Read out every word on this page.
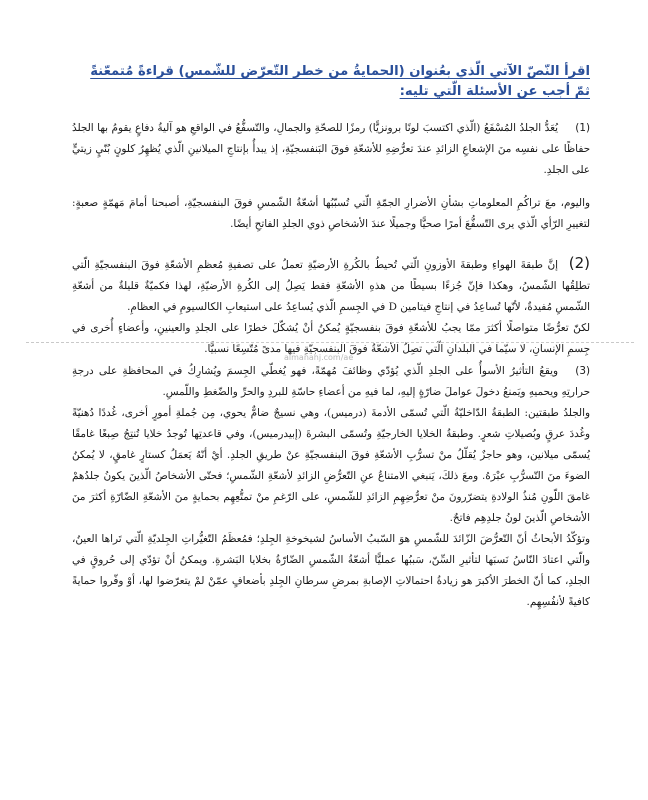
اقرأ النّصّ الآتي الّذي بعُنوان (الحمايةُ من خطر التّعرّض للشّمس) قراءةً مُتمعّنةً ثمّ أجب عن الأسئلة الّتي تليه:

(1)يُعَدُّ الجلدُ المُسْفَعُ (الّذي اكتسبَ لونًا برونزيًّا) رمزًا للصحّةِ والجمالِ، والتّسفُّعُ في الواقعِ هو آليةُ دفاعٍ يقومُ بها الجلدُ حفاظًا على نفسِه منَ الإشعاعِ الزائدِ عندَ تعرُّضِهِ للأشعّةِ فوقَ البَنفسجيّةِ، إذ يبدأُ بإنتاجِ الميلانينِ الّذي يُظهِرُ كلونٍ بُنّيٍ زيتيٍّ على الجلدِ.

واليوم، معَ تراكُمِ المعلوماتِ بشأنِ الأضرارِ الجمّةِ الّتي تُسبّبُها أشعّةُ الشّمسِ فوقَ البنفسجيّةِ، أصبحنا أمامَ مَهمّةٍ صعبةٍ: لتغييرِ الرّأي الّذي يرى التّسفُّعَ أمرًا صحيًّا وجميلًا عندَ الأشخاصِ ذوي الجلدِ الفاتحِ أيضًا.

(2)إنَّ طبقةَ الهواءِ وطبقةَ الأوزونِ الّتي تُحيطُ بالكُرةِ الأرضيّةِ تعملُ على تصفيةِ مُعظمِ الأشعّةِ فوقَ البنفسجيّةِ الّتي تطلِقُها الشّمسُ، وهكذا فإنّ جُزءًا بسيطًا من هذهِ الأشعّةِ فقط يَصِلُ إلى الكُرةِ الأرضيّةِ، لهذا فكميّةٌ قليلةٌ من أشعّةِ الشّمسِ مُفيدةٌ، لأنّها تُساعِدُ في إنتاجِ فيتامين D في الجِسمِ الّذي يُساعِدُ على استيعابِ الكالسيومِ في العظامِ.

لكنّ تعرُّضًا متواصلًا أكثرَ ممّا يجبُ للأشعّةِ فوقَ بنفسجيّةٍ يُمكنُ أنْ يُشكّلَ خطرًا على الجلدِ والعينينِ، وأعضاءٍ أُخرى في جِسمِ الإنسانِ، لا سيّما في البلدانِ الّتي تصِلُ الأشعّةُ فوقَ البنفسجيّةِ فيها مدىً مُتّسِعًا نسبيًّا.

almanahj.com/ae

(3)ويقعُ التأثيرُ الأسوأُ على الجلدِ الّذي يُؤدّي وظائفَ مُهمّةً، فهو يُغطّي الجِسمَ ويُشارِكُ في المحافظةِ على درجةِ حرارتِهِ ويحميهِ ويَمنعُ دخولَ عواملَ ضارّةٍ إليهِ، لما فيهِ من أعضاءِ حاسّةِ للبردِ والحرِّ والضّغطِ واللّمسِ.

والجلدُ طبقتين: الطبقةُ الدّاخليّةُ الّتي تُسمّى الأدمةَ (درميس)، وهي نسيجٌ ضامٌّ يحوي، مِن جُملةِ أمورٍ أخرى، غُددًا دُهنيّةً وغُددَ عرقٍ وبُصيلاتِ شعرٍ. وطبقةُ الخلايا الخارجيّةِ وتُسمّى البشرةَ (إبيدرميس)، وفي قاعدتِها تُوجدُ خلايا تُنتِجُ صِبغًا غامقًا يُسمّى ميلانين، وهو حاجزٌ يُقلّلُ منْ تسرُّبِ الأشعّةِ فوقَ البنفسجيّةِ عنْ طريقِ الجلدِ. أيْ أنّهُ يَعمَلُ كستارٍ غامقٍ، لا يُمكنُ الضوءَ منَ التّسرُّبِ عبْرَهُ. ومعَ ذلكَ، يَنبغي الامتناعُ عنِ التّعرُّضِ الزائدِ لأشعّةِ الشّمسِ؛ فحتّى الأشخاصُ الّذينَ يكونُ جلدُهمْ غامقَ اللّونِ مُنذُ الولادةِ يتضرّرونَ منْ تعرُّضِهِمِ الزائدِ للشّمسِ، على الرّغمِ منْ تمتُّعِهِم بحمايةٍ منَ الأشعّةِ الضّارّةِ أكثرَ منَ الأشخاصِ الّذينَ لونُ جلدِهِم فاتحٌ.

وتؤكّدُ الأبحاثُ أنّ التّعرُّضَ الزّائدَ للشّمسِ هوَ السّببُ الأساسُ لشيخوخةِ الجِلدِ؛ فمُعظَمُ التّغيُّراتِ الجِلديّةِ الّتي تَراها العينُ، والّتي اعتادَ النّاسُ نَسبَها لتأثيرِ السِّنّ، سَببُها عمليًّا أشعّةُ الشّمسِ الضّارّةُ بخلايا البَشرةِ. ويمكنُ أنْ تؤدّي إلى حُروقٍ في الجلدِ، كما أنّ الخطرَ الأكبرَ هو زيادةُ احتمالاتِ الإصابةِ بمرضِ سرطانِ الجِلدِ بأضعافٍ عمّنْ لمْ يتعرّضوا لها، أوْ وفّروا حمايةً كافيةً لأنفُسِهِم.
